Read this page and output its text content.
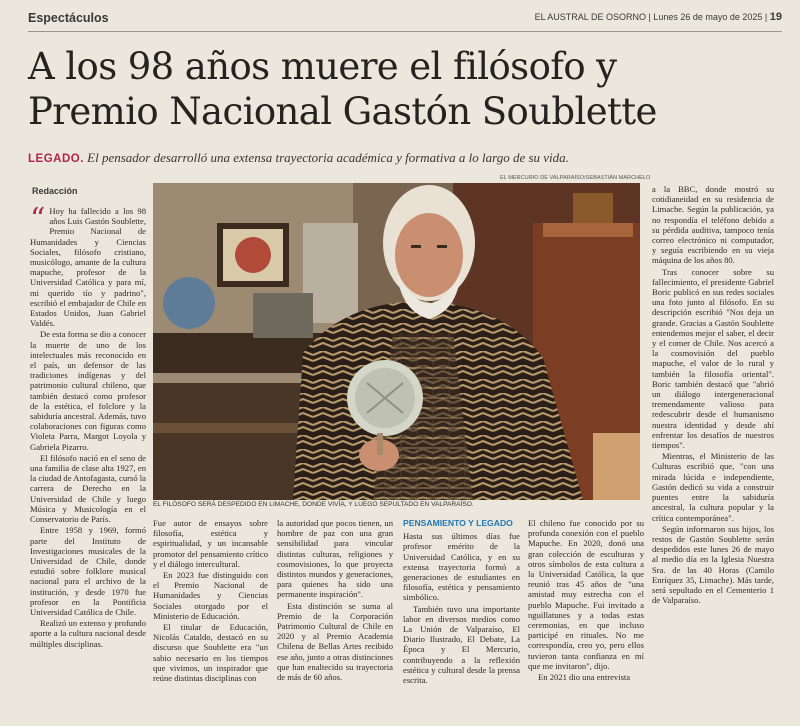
Espectáculos	EL AUSTRAL DE OSORNO | Lunes 26 de mayo de 2025 | 19
A los 98 años muere el filósofo y
Premio Nacional Gastón Soublette
LEGADO. El pensador desarrolló una extensa trayectoria académica y formativa a lo largo de su vida.
Redacción
“ Hoy ha fallecido a los 98 años Luis Gastón Soublette, Premio Nacional de Humanidades y Ciencias Sociales, filósofo cristiano, musicólogo, amante de la cultura mapuche, profesor de la Universidad Católica y para mí, mi querido tío y padrino", escribió el embajador de Chile en Estados Unidos, Juan Gabriel Valdés.

De esta forma se dio a conocer la muerte de uno de los intelectuales más reconocido en el país, un defensor de las tradiciones indígenas y del patrimonio cultural chileno, que también destacó como profesor de la estética, el folclore y la sabiduría ancestral. Además, tuvo colaboraciones con figuras como Violeta Parra, Margot Loyola y Gabriela Pizarro.

El filósofo nació en el seno de una familia de clase alta 1927, en la ciudad de Antofagasta, cursó la carrera de Derecho en la Universidad de Chile y luego Música y Musicología en el Conservatorio de París.

Entre 1958 y 1969, formó parte del Instituto de Investigaciones musicales de la Universidad de Chile, donde estudió sobre folklore musical nacional para el archivo de la institución, y desde 1970 fue profesor en la Pontificia Universidad Católica de Chile.

Realizó un extenso y profundo aporte a la cultura nacional desde múltiples disciplinas.

EL MERCURIO DE VALPARAÍSO/SEBASTIÁN MARCHELO
EL FILÓSOFO SERÁ DESPEDIDO EN LIMACHE, DONDE VIVÍA, Y LUEGO SEPULTADO EN VALPARAÍSO.

Fue autor de ensayos sobre filosofía, estética y espiritualidad, y un incansable promotor del pensamiento crítico y el diálogo intercultural.

En 2023 fue distinguido con el Premio Nacional de Humanidades y Ciencias Sociales otorgado por el Ministerio de Educación.

El titular de Educación, Nicolás Cataldo, destacó en su discurso que Soublette era "un sabio necesario en los tiempos que vivimos, un inspirador que reúne distintas disciplinas con

la autoridad que pocos tienen, un hombre de paz con una gran sensibilidad para vincular distintas culturas, religiones y cosmovisiones, lo que proyecta distintos mundos y generaciones, para quienes ha sido una permanente inspiración".

Esta distinción se suma al Premio de la Corporación Patrimonio Cultural de Chile en 2020 y al Premio Academia Chilena de Bellas Artes recibido ese año, junto a otras distinciones que han enaltecido su trayectoria de más de 60 años.

PENSAMIENTO Y LEGADO

Hasta sus últimos días fue profesor emérito de la Universidad Católica, y en su extensa trayectoria formó a generaciones de estudiantes en filosofía, estética y pensamiento simbólico.

También tuvo una importante labor en diversos medios como La Unión de Valparaíso, El Diario Ilustrado, El Debate, La Época y El Mercurio, contribuyendo a la reflexión estética y cultural desde la prensa escrita.

El chileno fue conocido por su profunda conexión con el pueblo Mapuche. En 2020, donó una gran colección de esculturas y otros símbolos de esta cultura a la Universidad Católica, la que reunió tras 45 años de "una amistad muy estrecha con el pueblo Mapuche. Fui invitado a nguillatunes y a todas estas ceremonias, en que incluso participé en rituales. No me correspondía, creo yo, pero ellos tuvieron tanta confianza en mí que me invitaron", dijo.

En 2021 dio una entrevista

a la BBC, donde mostró su cotidianeidad en su residencia de Limache. Según la publicación, ya no respondía el teléfono debido a su pérdida auditiva, tampoco tenía correo electrónico ni computador, y seguía escribiendo en su vieja máquina de los años 80.

Tras conocer sobre su fallecimiento, el presidente Gabriel Boric publicó en sus redes sociales una foto junto al filósofo. En su descripción escribió "Nos deja un grande. Gracias a Gastón Soublette entendemos mejor el saber, el decir y el comer de Chile. Nos acercó a la cosmovisión del pueblo mapuche, el valor de lo rural y también la filosofía oriental". Boric también destacó que "abrió un diálogo intergeneracional tremendamente valioso para redescubrir desde el humanismo nuestra identidad y desde ahí enfrentar los desafíos de nuestros tiempos".

Mientras, el Ministerio de las Culturas escribió que, "con una mirada lúcida e independiente, Gastón dedicó su vida a construir puentes entre la sabiduría ancestral, la cultura popular y la crítica contemporánea".

Según informaron sus hijos, los restos de Gastón Soublette serán despedidos este lunes 26 de mayo al medio día en la Iglesia Nuestra Sra. de las 40 Horas (Camilo Enríquez 35, Limache). Más tarde, será sepultado en el Cementerio 1 de Valparaíso.
